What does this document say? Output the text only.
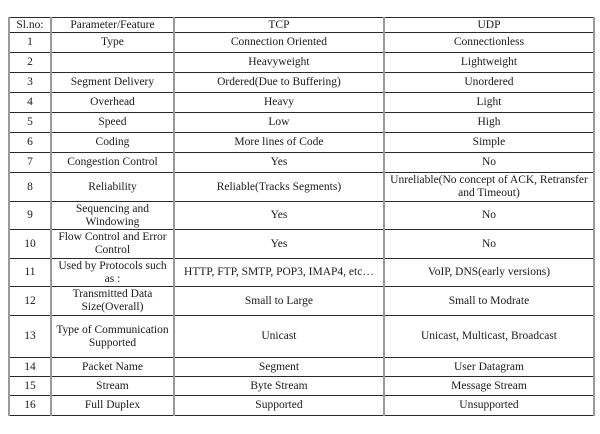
Sl.no:	Parameter/Feature	TCP	UDP
1	Type	Connection Oriented	Connectionless
2		Heavyweight	Lightweight
3	Segment Delivery	Ordered(Due to Buffering)	Unordered
4	Overhead	Heavy	Light
5	Speed	Low	High
6	Coding	More lines of Code	Simple
7	Congestion Control	Yes	No
8	Reliability	Reliable(Tracks Segments)	Unreliable(No concept of ACK, Retransfer and Timeout)
9	Sequencing and Windowing	Yes	No
10	Flow Control and Error Control	Yes	No
11	Used by Protocols such as :	HTTP, FTP, SMTP, POP3, IMAP4, etc…	VoIP, DNS(early versions)
12	Transmitted Data Size(Overall)	Small to Large	Small to Modrate
13	Type of Communication Supported	Unicast	Unicast, Multicast, Broadcast
14	Packet Name	Segment	User Datagram
15	Stream	Byte Stream	Message Stream
16	Full Duplex	Supported	Unsupported
